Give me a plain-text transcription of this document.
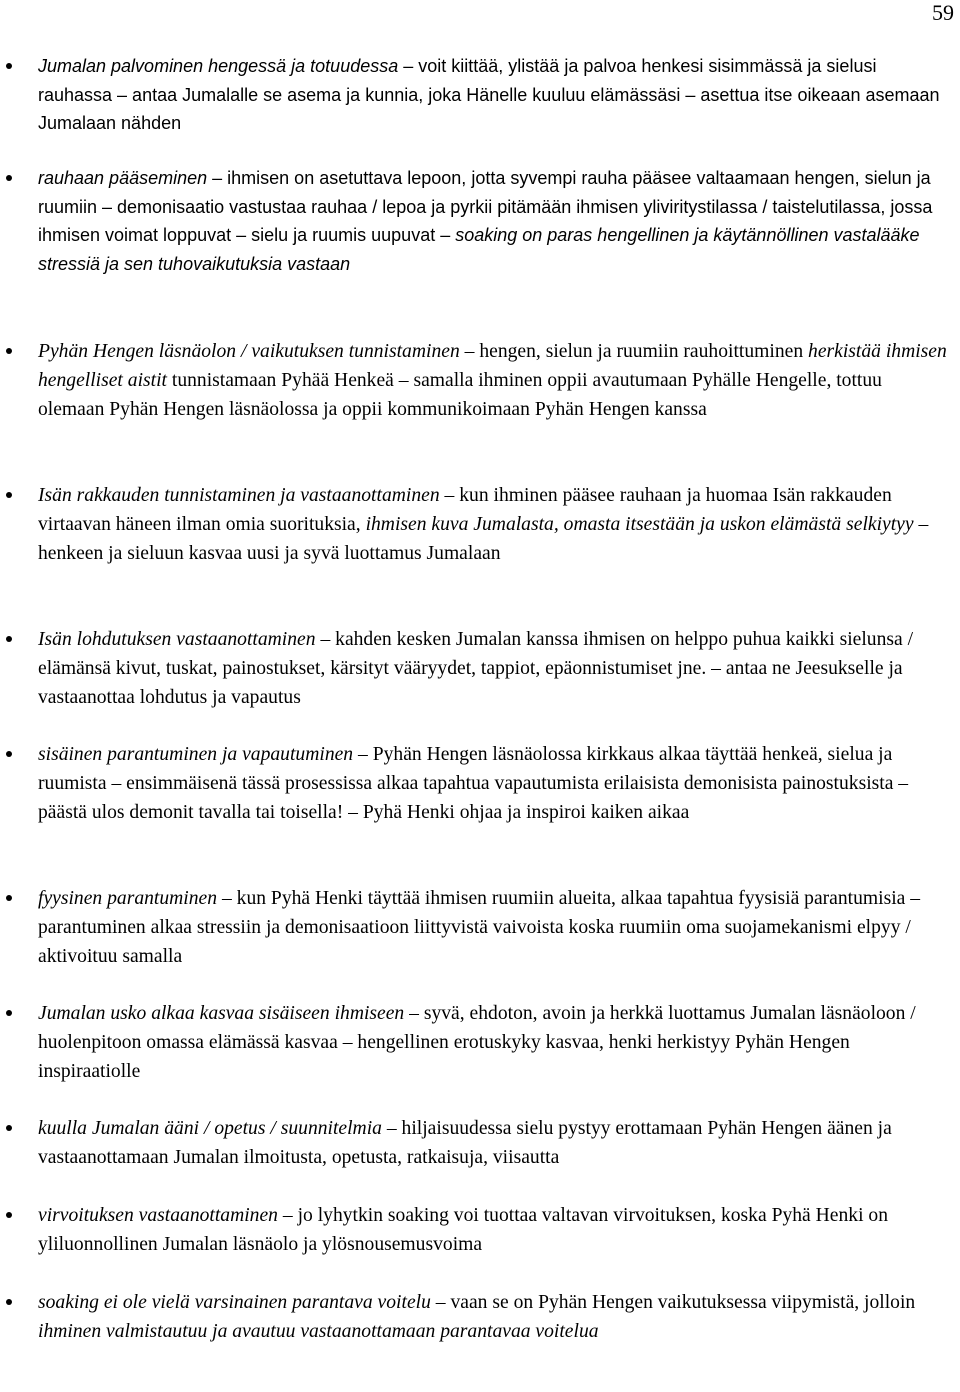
59

Jumalan palvominen hengessä ja totuudessa – voit kiittää, ylistää ja palvoa henkesi sisimmässä ja sielusi rauhassa – antaa Jumalalle se asema ja kunnia, joka Hänelle kuuluu elämässäsi – asettua itse oikeaan asemaan Jumalaan nähden

rauhaan pääseminen – ihmisen on asetuttava lepoon, jotta syvempi rauha pääsee valtaamaan hengen, sielun ja ruumiin – demonisaatio vastustaa rauhaa / lepoa ja pyrkii pitämään ihmisen yliviritystilassa / taistelutilassa, jossa ihmisen voimat loppuvat – sielu ja ruumis uupuvat – soaking on paras hengellinen ja käytännöllinen vastalääke stressiä ja sen tuhovaikutuksia vastaan

Pyhän Hengen läsnäolon / vaikutuksen tunnistaminen – hengen, sielun ja ruumiin rauhoittuminen herkistää ihmisen hengelliset aistit tunnistamaan Pyhää Henkeä – samalla ihminen oppii avautumaan Pyhälle Hengelle, tottuu olemaan Pyhän Hengen läsnäolossa ja oppii kommunikoimaan Pyhän Hengen kanssa

Isän rakkauden tunnistaminen ja vastaanottaminen – kun ihminen pääsee rauhaan ja huomaa Isän rakkauden virtaavan häneen ilman omia suorituksia, ihmisen kuva Jumalasta, omasta itsestään ja uskon elämästä selkiytyy – henkeen ja sieluun kasvaa uusi ja syvä luottamus Jumalaan

Isän lohdutuksen vastaanottaminen – kahden kesken Jumalan kanssa ihmisen on helppo puhua kaikki sielunsa / elämänsä kivut, tuskat, painostukset, kärsityt vääryydet, tappiot, epäonnistumiset jne. – antaa ne Jeesukselle ja vastaanottaa lohdutus ja vapautus

sisäinen parantuminen ja vapautuminen – Pyhän Hengen läsnäolossa kirkkaus alkaa täyttää henkeä, sielua ja ruumista – ensimmäisenä tässä prosessissa alkaa tapahtua vapautumista erilaisista demonisista painostuksista – päästä ulos demonit tavalla tai toisella! – Pyhä Henki ohjaa ja inspiroi kaiken aikaa

fyysinen parantuminen – kun Pyhä Henki täyttää ihmisen ruumiin alueita, alkaa tapahtua fyysisiä parantumisia – parantuminen alkaa stressiin ja demonisaatioon liittyvistä vaivoista koska ruumiin oma suojamekanismi elpyy / aktivoituu samalla

Jumalan usko alkaa kasvaa sisäiseen ihmiseen – syvä, ehdoton, avoin ja herkkä luottamus Jumalan läsnäoloon / huolenpitoon omassa elämässä kasvaa – hengellinen erotuskyky kasvaa, henki herkistyy Pyhän Hengen inspiraatiolle

kuulla Jumalan ääni / opetus / suunnitelmia – hiljaisuudessa sielu pystyy erottamaan Pyhän Hengen äänen ja vastaanottamaan Jumalan ilmoitusta, opetusta, ratkaisuja, viisautta

virvoituksen vastaanottaminen – jo lyhytkin soaking voi tuottaa valtavan virvoituksen, koska Pyhä Henki on yliluonnollinen Jumalan läsnäolo ja ylösnousemusvoima

soaking ei ole vielä varsinainen parantava voitelu – vaan se on Pyhän Hengen vaikutuksessa viipymistä, jolloin ihminen valmistautuu ja avautuu vastaanottamaan parantavaa voitelua
